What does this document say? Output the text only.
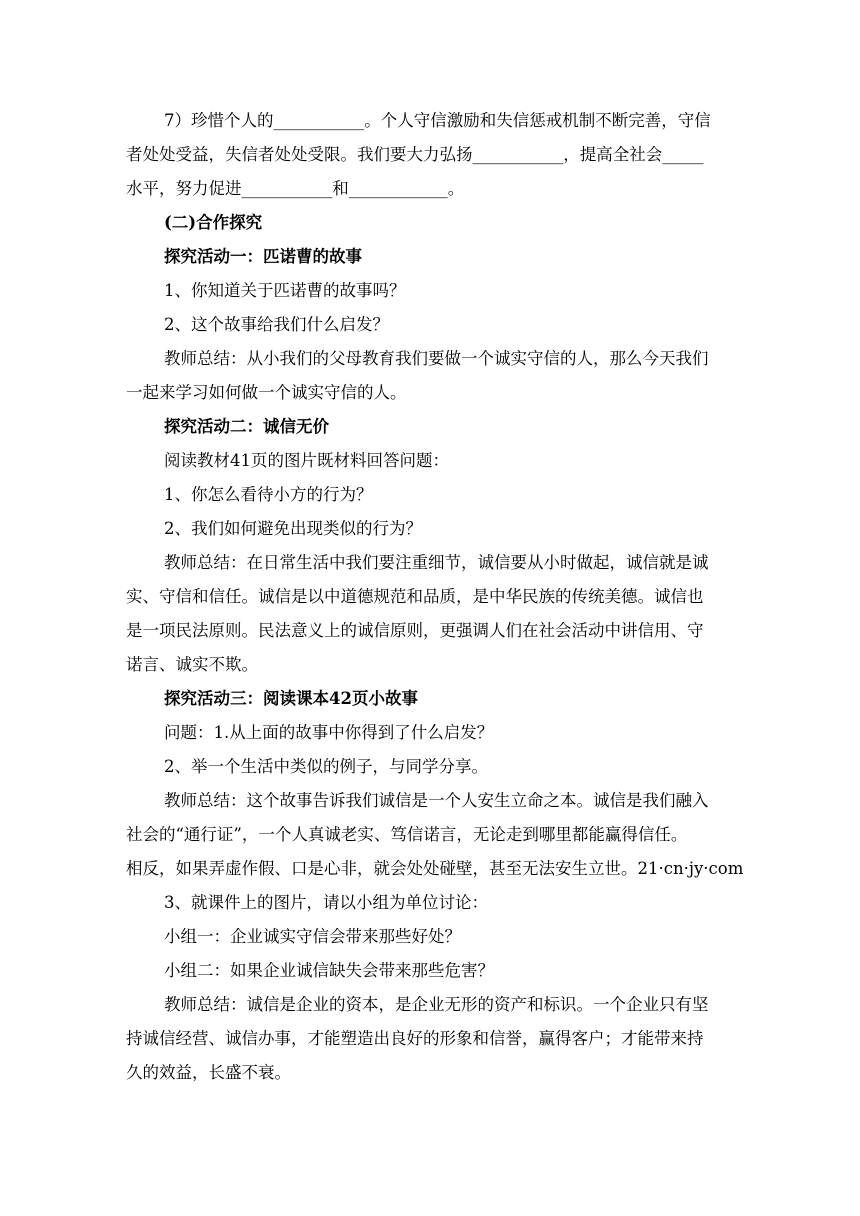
7）珍惜个人的___________。个人守信激励和失信惩戒机制不断完善，守信
者处处受益，失信者处处受限。我们要大力弘扬___________，提高全社会_____
水平，努力促进___________和____________。
(二)合作探究
探究活动一：匹诺曹的故事
1、你知道关于匹诺曹的故事吗？
2、这个故事给我们什么启发？
教师总结：从小我们的父母教育我们要做一个诚实守信的人，那么今天我们
一起来学习如何做一个诚实守信的人。
探究活动二：诚信无价
阅读教材41页的图片既材料回答问题：
1、你怎么看待小方的行为？
2、我们如何避免出现类似的行为？
教师总结：在日常生活中我们要注重细节，诚信要从小时做起，诚信就是诚
实、守信和信任。诚信是以中道德规范和品质，是中华民族的传统美德。诚信也
是一项民法原则。民法意义上的诚信原则，更强调人们在社会活动中讲信用、守
诺言、诚实不欺。
探究活动三：阅读课本42页小故事
问题：1.从上面的故事中你得到了什么启发？
2、举一个生活中类似的例子，与同学分享。
教师总结：这个故事告诉我们诚信是一个人安生立命之本。诚信是我们融入
社会的“通行证”，一个人真诚老实、笃信诺言，无论走到哪里都能赢得信任。
相反，如果弄虚作假、口是心非，就会处处碰壁，甚至无法安生立世。21·cn·jy·com
3、就课件上的图片，请以小组为单位讨论：
小组一：企业诚实守信会带来那些好处？
小组二：如果企业诚信缺失会带来那些危害？
教师总结：诚信是企业的资本，是企业无形的资产和标识。一个企业只有坚
持诚信经营、诚信办事，才能塑造出良好的形象和信誉，赢得客户；才能带来持
久的效益，长盛不衰。
